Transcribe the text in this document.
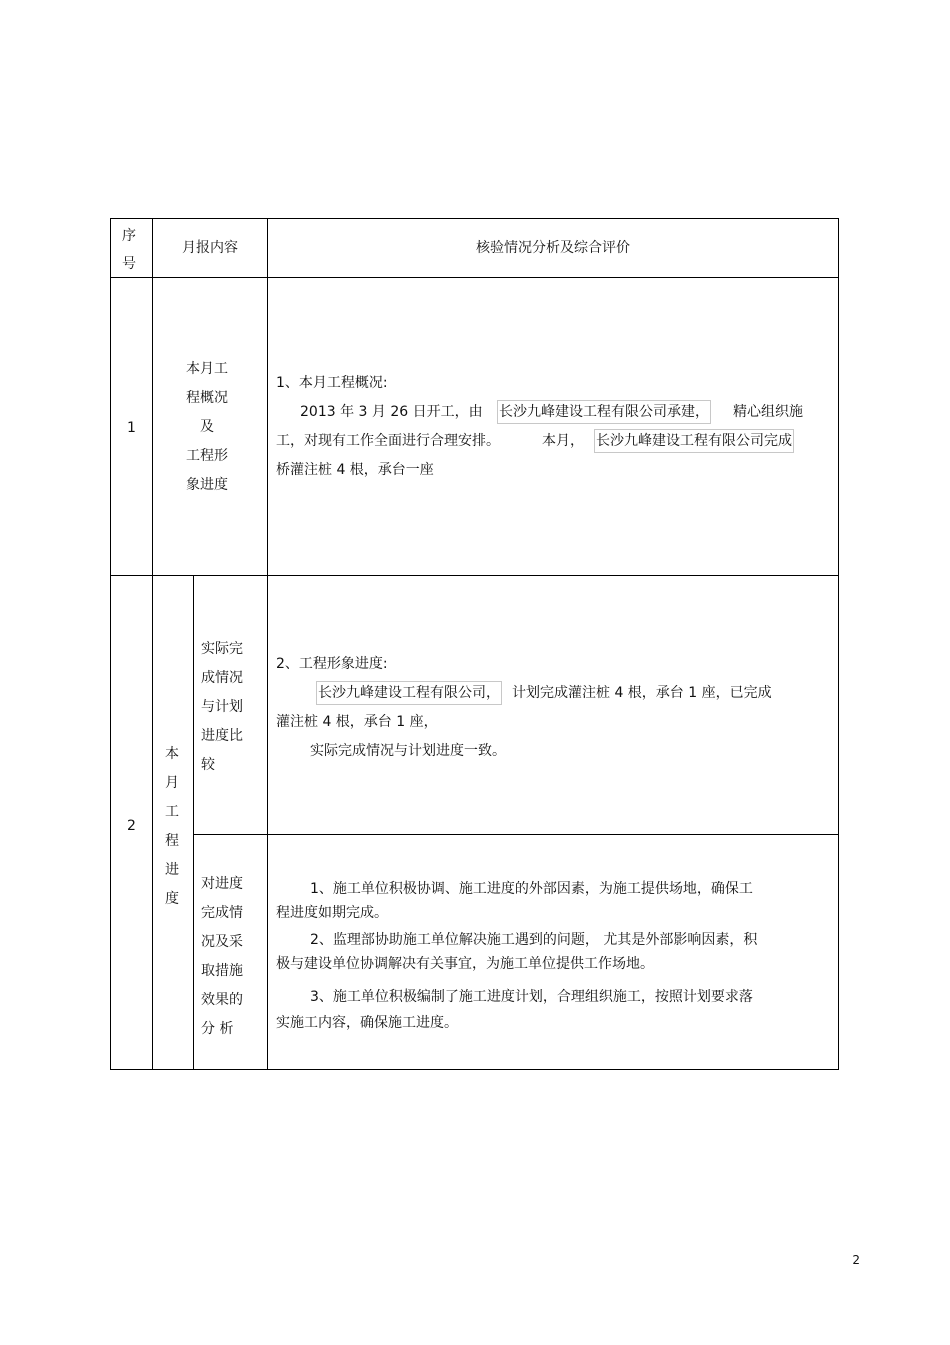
序
号
月报内容	核验情况分析及综合评价
1
本月工
程概况
及
工程形
象进度
1、本月工程概况:
2013 年 3 月 26 日开工，由 长沙九峰建设工程有限公司承建， 精心组织施
工，对现有工作全面进行合理安排。	本月， 长沙九峰建设工程有限公司完成
桥灌注桩 4 根，承台一座
2
本
月
工
程
进
度
实际完
成情况
与计划
进度比
较
2、工程形象进度:
长沙九峰建设工程有限公司， 计划完成灌注桩 4 根，承台 1 座，已完成
灌注桩 4 根，承台 1 座，
实际完成情况与计划进度一致。
对进度
完成情
况及采
取措施
效果的
分 析
1、施工单位积极协调、施工进度的外部因素，为施工提供场地，确保工
程进度如期完成。
2、监理部协助施工单位解决施工遇到的问题， 尤其是外部影响因素，积
极与建设单位协调解决有关事宜，为施工单位提供工作场地。
3、施工单位积极编制了施工进度计划，合理组织施工，按照计划要求落
实施工内容，确保施工进度。
2
